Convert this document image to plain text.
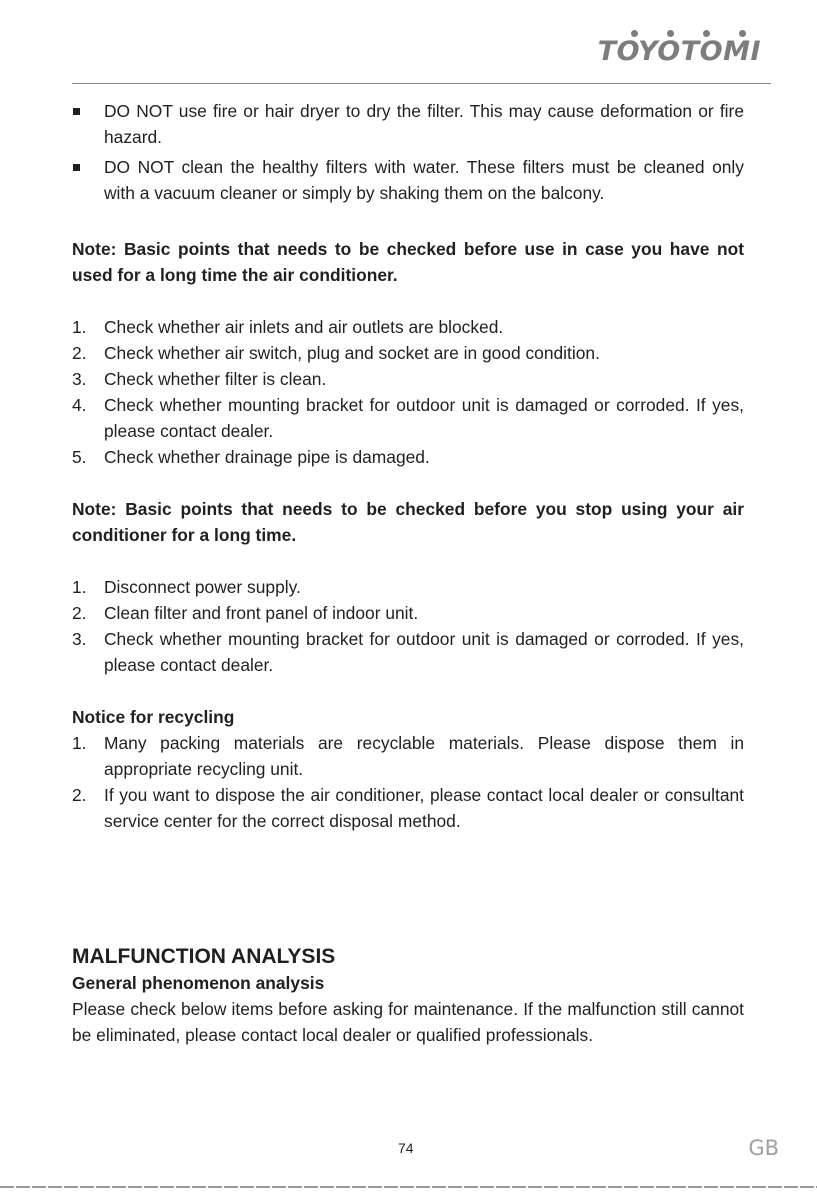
TOYOTOMI
DO NOT use fire or hair dryer to dry the filter. This may cause deformation or fire hazard.
DO NOT clean the healthy filters with water. These filters must be cleaned only with a vacuum cleaner or simply by shaking them on the balcony.
Note: Basic points that needs to be checked before use in case you have not used for a long time the air conditioner.
1. Check whether air inlets and air outlets are blocked.
2. Check whether air switch, plug and socket are in good condition.
3. Check whether filter is clean.
4. Check whether mounting bracket for outdoor unit is damaged or corroded. If yes, please contact dealer.
5. Check whether drainage pipe is damaged.
Note: Basic points that needs to be checked before you stop using your air conditioner for a long time.
1. Disconnect power supply.
2. Clean filter and front panel of indoor unit.
3. Check whether mounting bracket for outdoor unit is damaged or corroded. If yes, please contact dealer.
Notice for recycling
1. Many packing materials are recyclable materials. Please dispose them in appropriate recycling unit.
2. If you want to dispose the air conditioner, please contact local dealer or consultant service center for the correct disposal method.
MALFUNCTION ANALYSIS
General phenomenon analysis
Please check below items before asking for maintenance. If the malfunction still cannot be eliminated, please contact local dealer or qualified professionals.
74	GB
